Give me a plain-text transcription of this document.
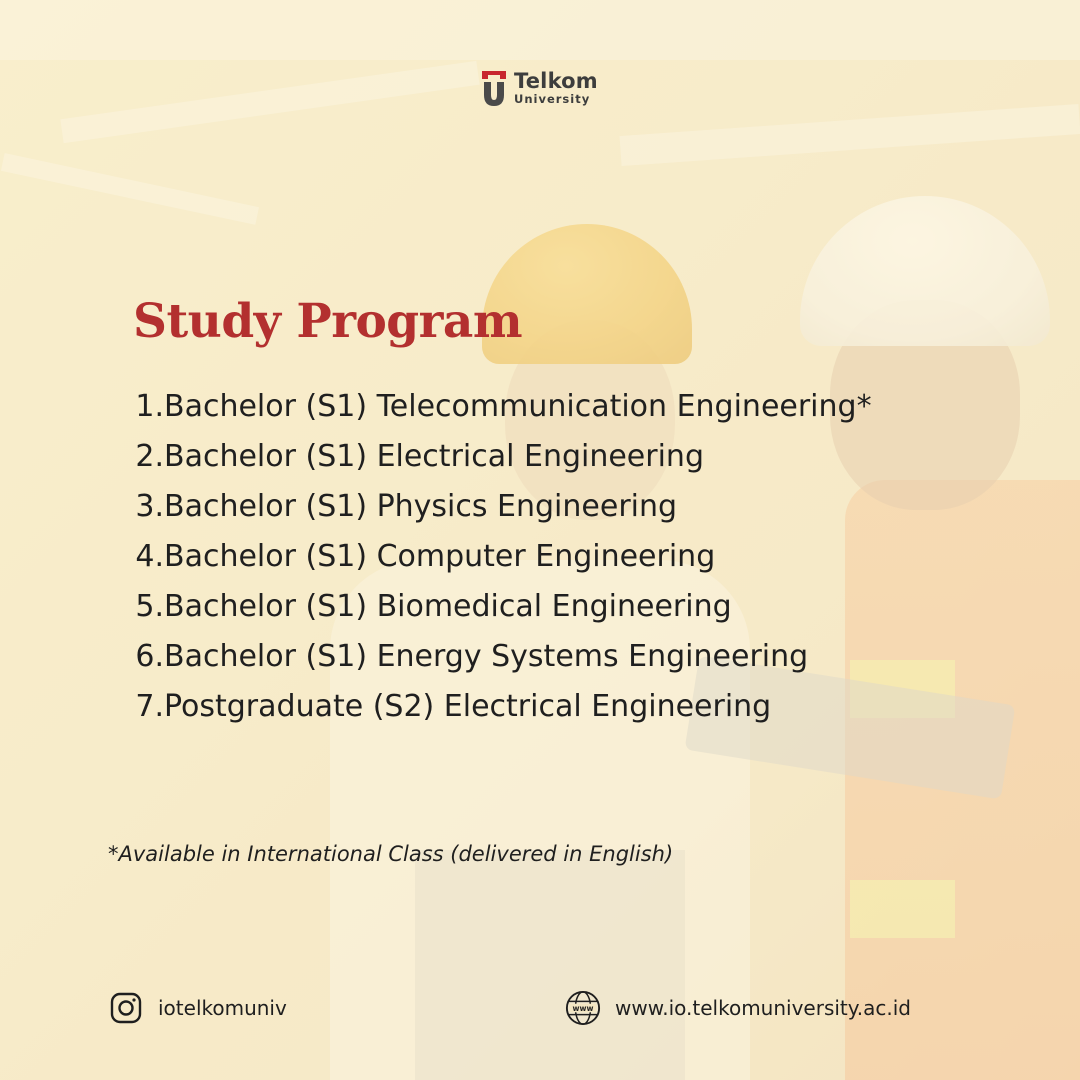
Telkom
University
Study Program
1. Bachelor (S1) Telecommunication Engineering*
2. Bachelor (S1) Electrical Engineering
3. Bachelor (S1) Physics Engineering
4. Bachelor (S1) Computer Engineering
5. Bachelor (S1) Biomedical Engineering
6. Bachelor (S1) Energy Systems Engineering
7. Postgraduate (S2) Electrical Engineering
*Available in International Class (delivered in English)
iotelkomuniv	www www.io.telkomuniversity.ac.id
